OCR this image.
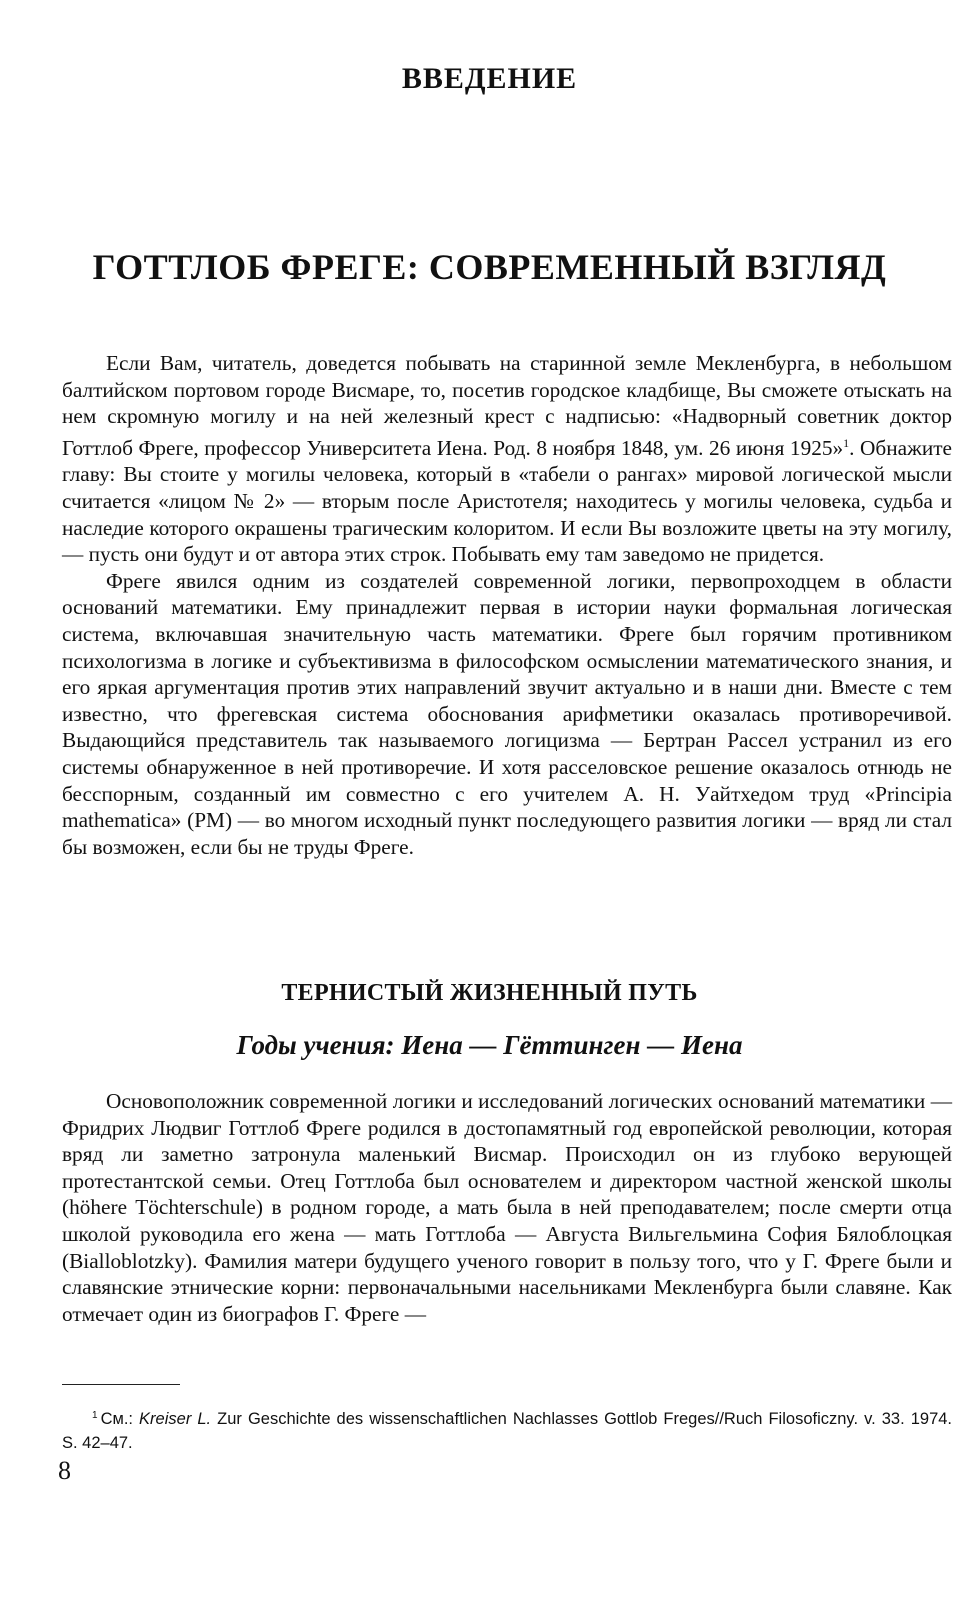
ВВЕДЕНИЕ
ГОТТЛОБ ФРЕГЕ: СОВРЕМЕННЫЙ ВЗГЛЯД

Если Вам, читатель, доведется побывать на старинной земле Мекленбурга, в небольшом балтийском портовом городе Висмаре, то, посетив городское кладбище, Вы сможете отыскать на нем скромную могилу и на ней железный крест с надписью: «Надворный советник доктор Готтлоб Фреге, профессор Университета Иена. Род. 8 ноября 1848, ум. 26 июня 1925»$^1$. Обнажите главу: Вы стоите у могилы человека, который в «табели о рангах» мировой логической мысли считается «лицом № 2» — вторым после Аристотеля; находитесь у могилы человека, судьба и наследие которого окрашены трагическим колоритом. И если Вы возложите цветы на эту могилу, — пусть они будут и от автора этих строк. Побывать ему там заведомо не придется.

Фреге явился одним из создателей современной логики, первопроходцем в области оснований математики. Ему принадлежит первая в истории науки формальная логическая система, включавшая значительную часть математики. Фреге был горячим противником психологизма в логике и субъективизма в философском осмыслении математического знания, и его яркая аргументация против этих направлений звучит актуально и в наши дни. Вместе с тем известно, что фрегевская система обоснования арифметики оказалась противоречивой. Выдающийся представитель так называемого логицизма — Бертран Рассел устранил из его системы обнаруженное в ней противоречие. И хотя расселовское решение оказалось отнюдь не бесспорным, созданный им совместно с его учителем А. Н. Уайтхедом труд «Principia mathematica» (PM) — во многом исходный пункт последующего развития логики — вряд ли стал бы возможен, если бы не труды Фреге.

ТЕРНИСТЫЙ ЖИЗНЕННЫЙ ПУТЬ
Годы учения: Иена — Гёттинген — Иена

Основоположник современной логики и исследований логических оснований математики — Фридрих Людвиг Готтлоб Фреге родился в достопамятный год европейской революции, которая вряд ли заметно затронула маленький Висмар. Происходил он из глубоко верующей протестантской семьи. Отец Готтлоба был основателем и директором частной женской школы (höhere Töchterschule) в родном городе, а мать была в ней преподавателем; после смерти отца школой руководила его жена — мать Готтлоба — Августа Вильгельмина София Бялоблоцкая (Bialloblotzky). Фамилия матери будущего ученого говорит в пользу того, что у Г. Фреге были и славянские этнические корни: первоначальными насельниками Мекленбурга были славяне. Как отмечает один из биографов Г. Фреге —

$^1$ См.: Kreiser L. Zur Geschichte des wissenschaftlichen Nachlasses Gottlob Freges//Ruch Filosoficzny. v. 33. 1974. S. 42–47.
8
